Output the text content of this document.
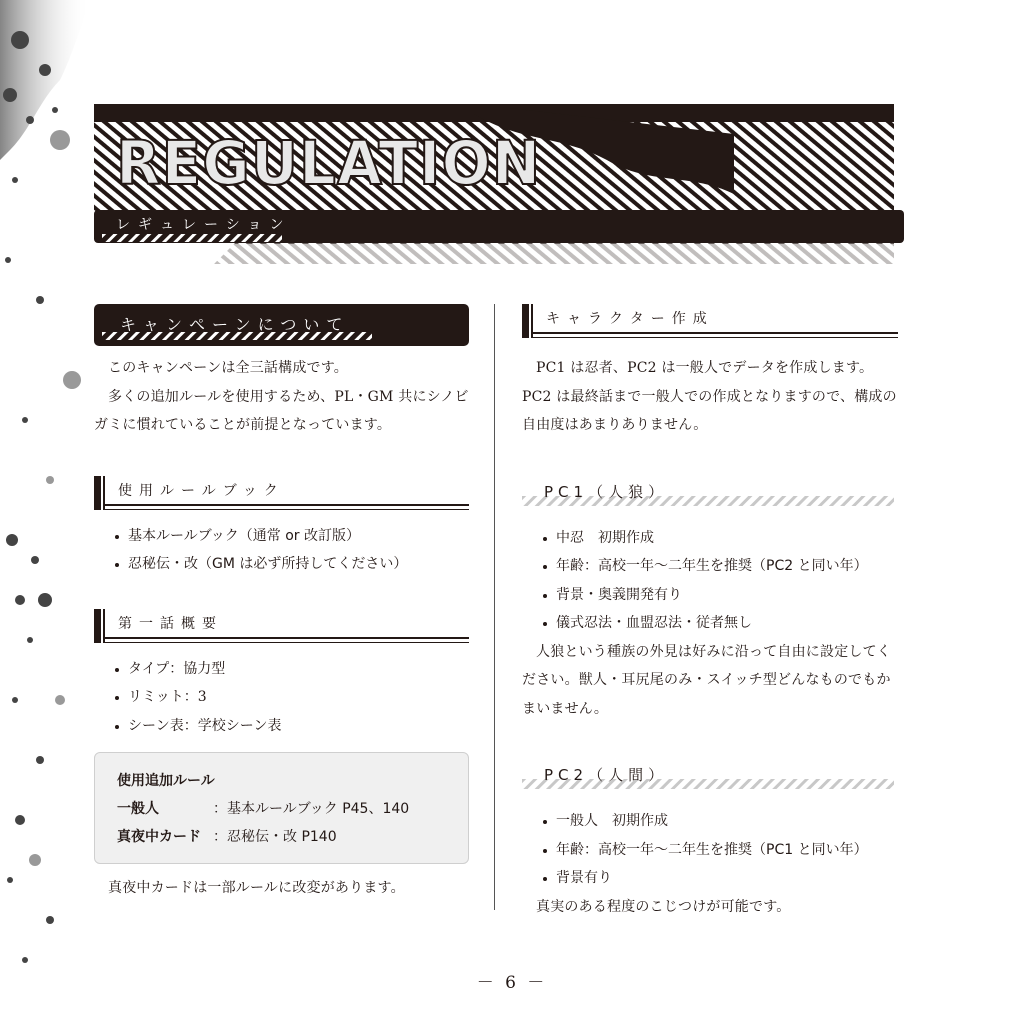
REGULATION
レギュレーション
キャンペーンについて

このキャンペーンは全三話構成です。

多くの追加ルールを使用するため、PL・GM 共にシノビガミに慣れていることが前提となっています。

使用ルールブック
基本ルールブック（通常 or 改訂版）
忍秘伝・改（GM は必ず所持してください）
第一話概要
タイプ：協力型
リミット：3
シーン表：学校シーン表
使用追加ルール
一般人	：基本ルールブック P45、140
真夜中カード ：忍秘伝・改 P140

真夜中カードは一部ルールに改変があります。

キャラクター作成

PC1 は忍者、PC2 は一般人でデータを作成します。PC2 は最終話まで一般人での作成となりますので、構成の自由度はあまりありません。

PC1（人狼）
中忍　初期作成
年齢：高校一年〜二年生を推奨（PC2 と同い年）
背景・奥義開発有り
儀式忍法・血盟忍法・従者無し

人狼という種族の外見は好みに沿って自由に設定してください。獣人・耳尻尾のみ・スイッチ型どんなものでもかまいません。

PC2（人間）
一般人　初期作成
年齢：高校一年〜二年生を推奨（PC1 と同い年）
背景有り

真実のある程度のこじつけが可能です。

－ 6 －
